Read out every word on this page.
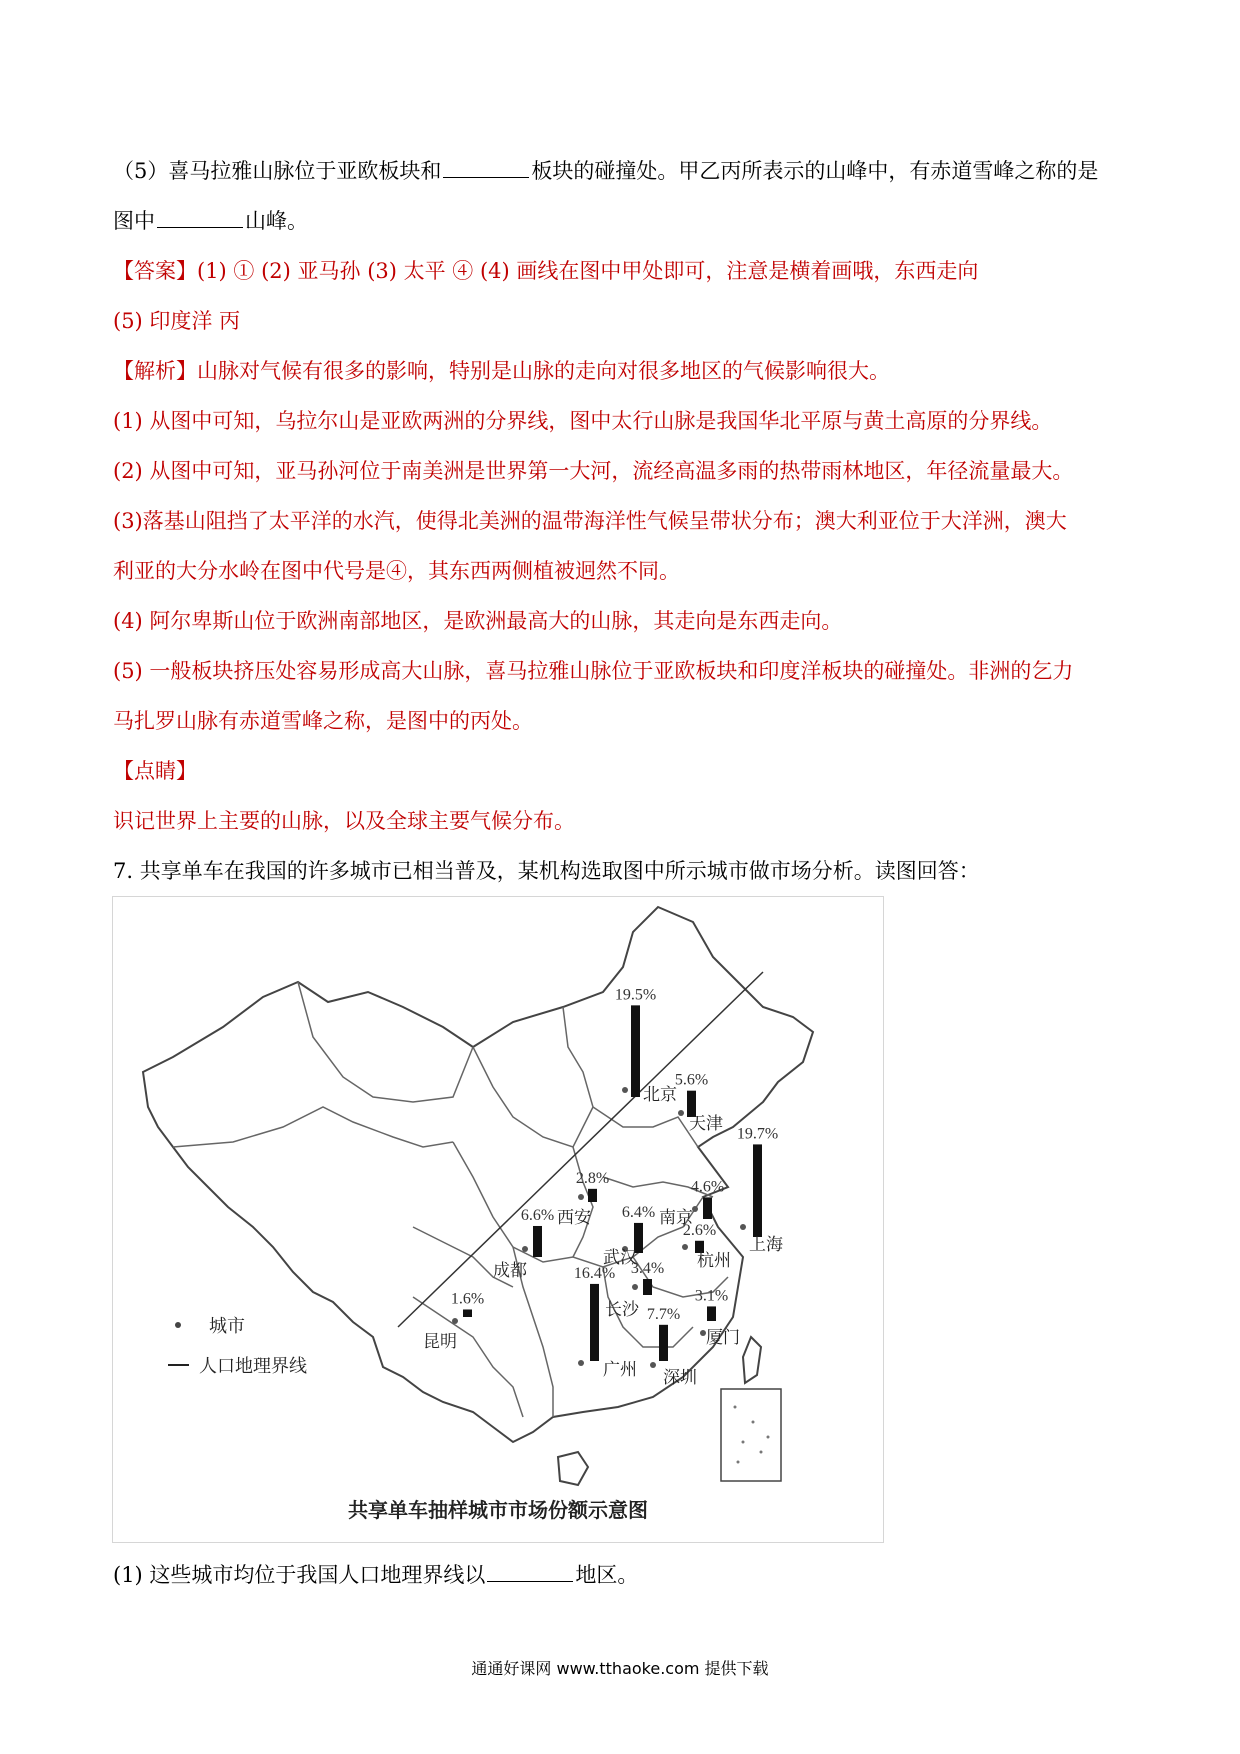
（5）喜马拉雅山脉位于亚欧板块和	板块的碰撞处。甲乙丙所表示的山峰中，有赤道雪峰之称的是
图中	山峰。
【答案】(1) ① (2) 亚马孙 (3) 太平 ④ (4) 画线在图中甲处即可，注意是横着画哦，东西走向
(5) 印度洋 丙
【解析】山脉对气候有很多的影响，特别是山脉的走向对很多地区的气候影响很大。
(1) 从图中可知，乌拉尔山是亚欧两洲的分界线，图中太行山脉是我国华北平原与黄土高原的分界线。
(2) 从图中可知，亚马孙河位于南美洲是世界第一大河，流经高温多雨的热带雨林地区，年径流量最大。
(3)落基山阻挡了太平洋的水汽，使得北美洲的温带海洋性气候呈带状分布；澳大利亚位于大洋洲，澳大
利亚的大分水岭在图中代号是④，其东西两侧植被迥然不同。
(4) 阿尔卑斯山位于欧洲南部地区，是欧洲最高大的山脉，其走向是东西走向。
(5) 一般板块挤压处容易形成高大山脉，喜马拉雅山脉位于亚欧板块和印度洋板块的碰撞处。非洲的乞力
马扎罗山脉有赤道雪峰之称，是图中的丙处。
【点睛】
识记世界上主要的山脉，以及全球主要气候分布。
7. 共享单车在我国的许多城市已相当普及，某机构选取图中所示城市做市场分析。读图回答：
城市
人口地理界线
19.5%
北京
5.6%
天津 19.7%
上海
2.8%
西安
4.6%
南京
6.4%
武汉
6.6%
成都
2.6%
杭州
3.4%
长沙
16.4%
广州
7.7%
深圳
3.1%
厦门
1.6%
昆明
共享单车抽样城市市场份额示意图
(1) 这些城市均位于我国人口地理界线以	地区。
通通好课网 www.tthaoke.com 提供下载
